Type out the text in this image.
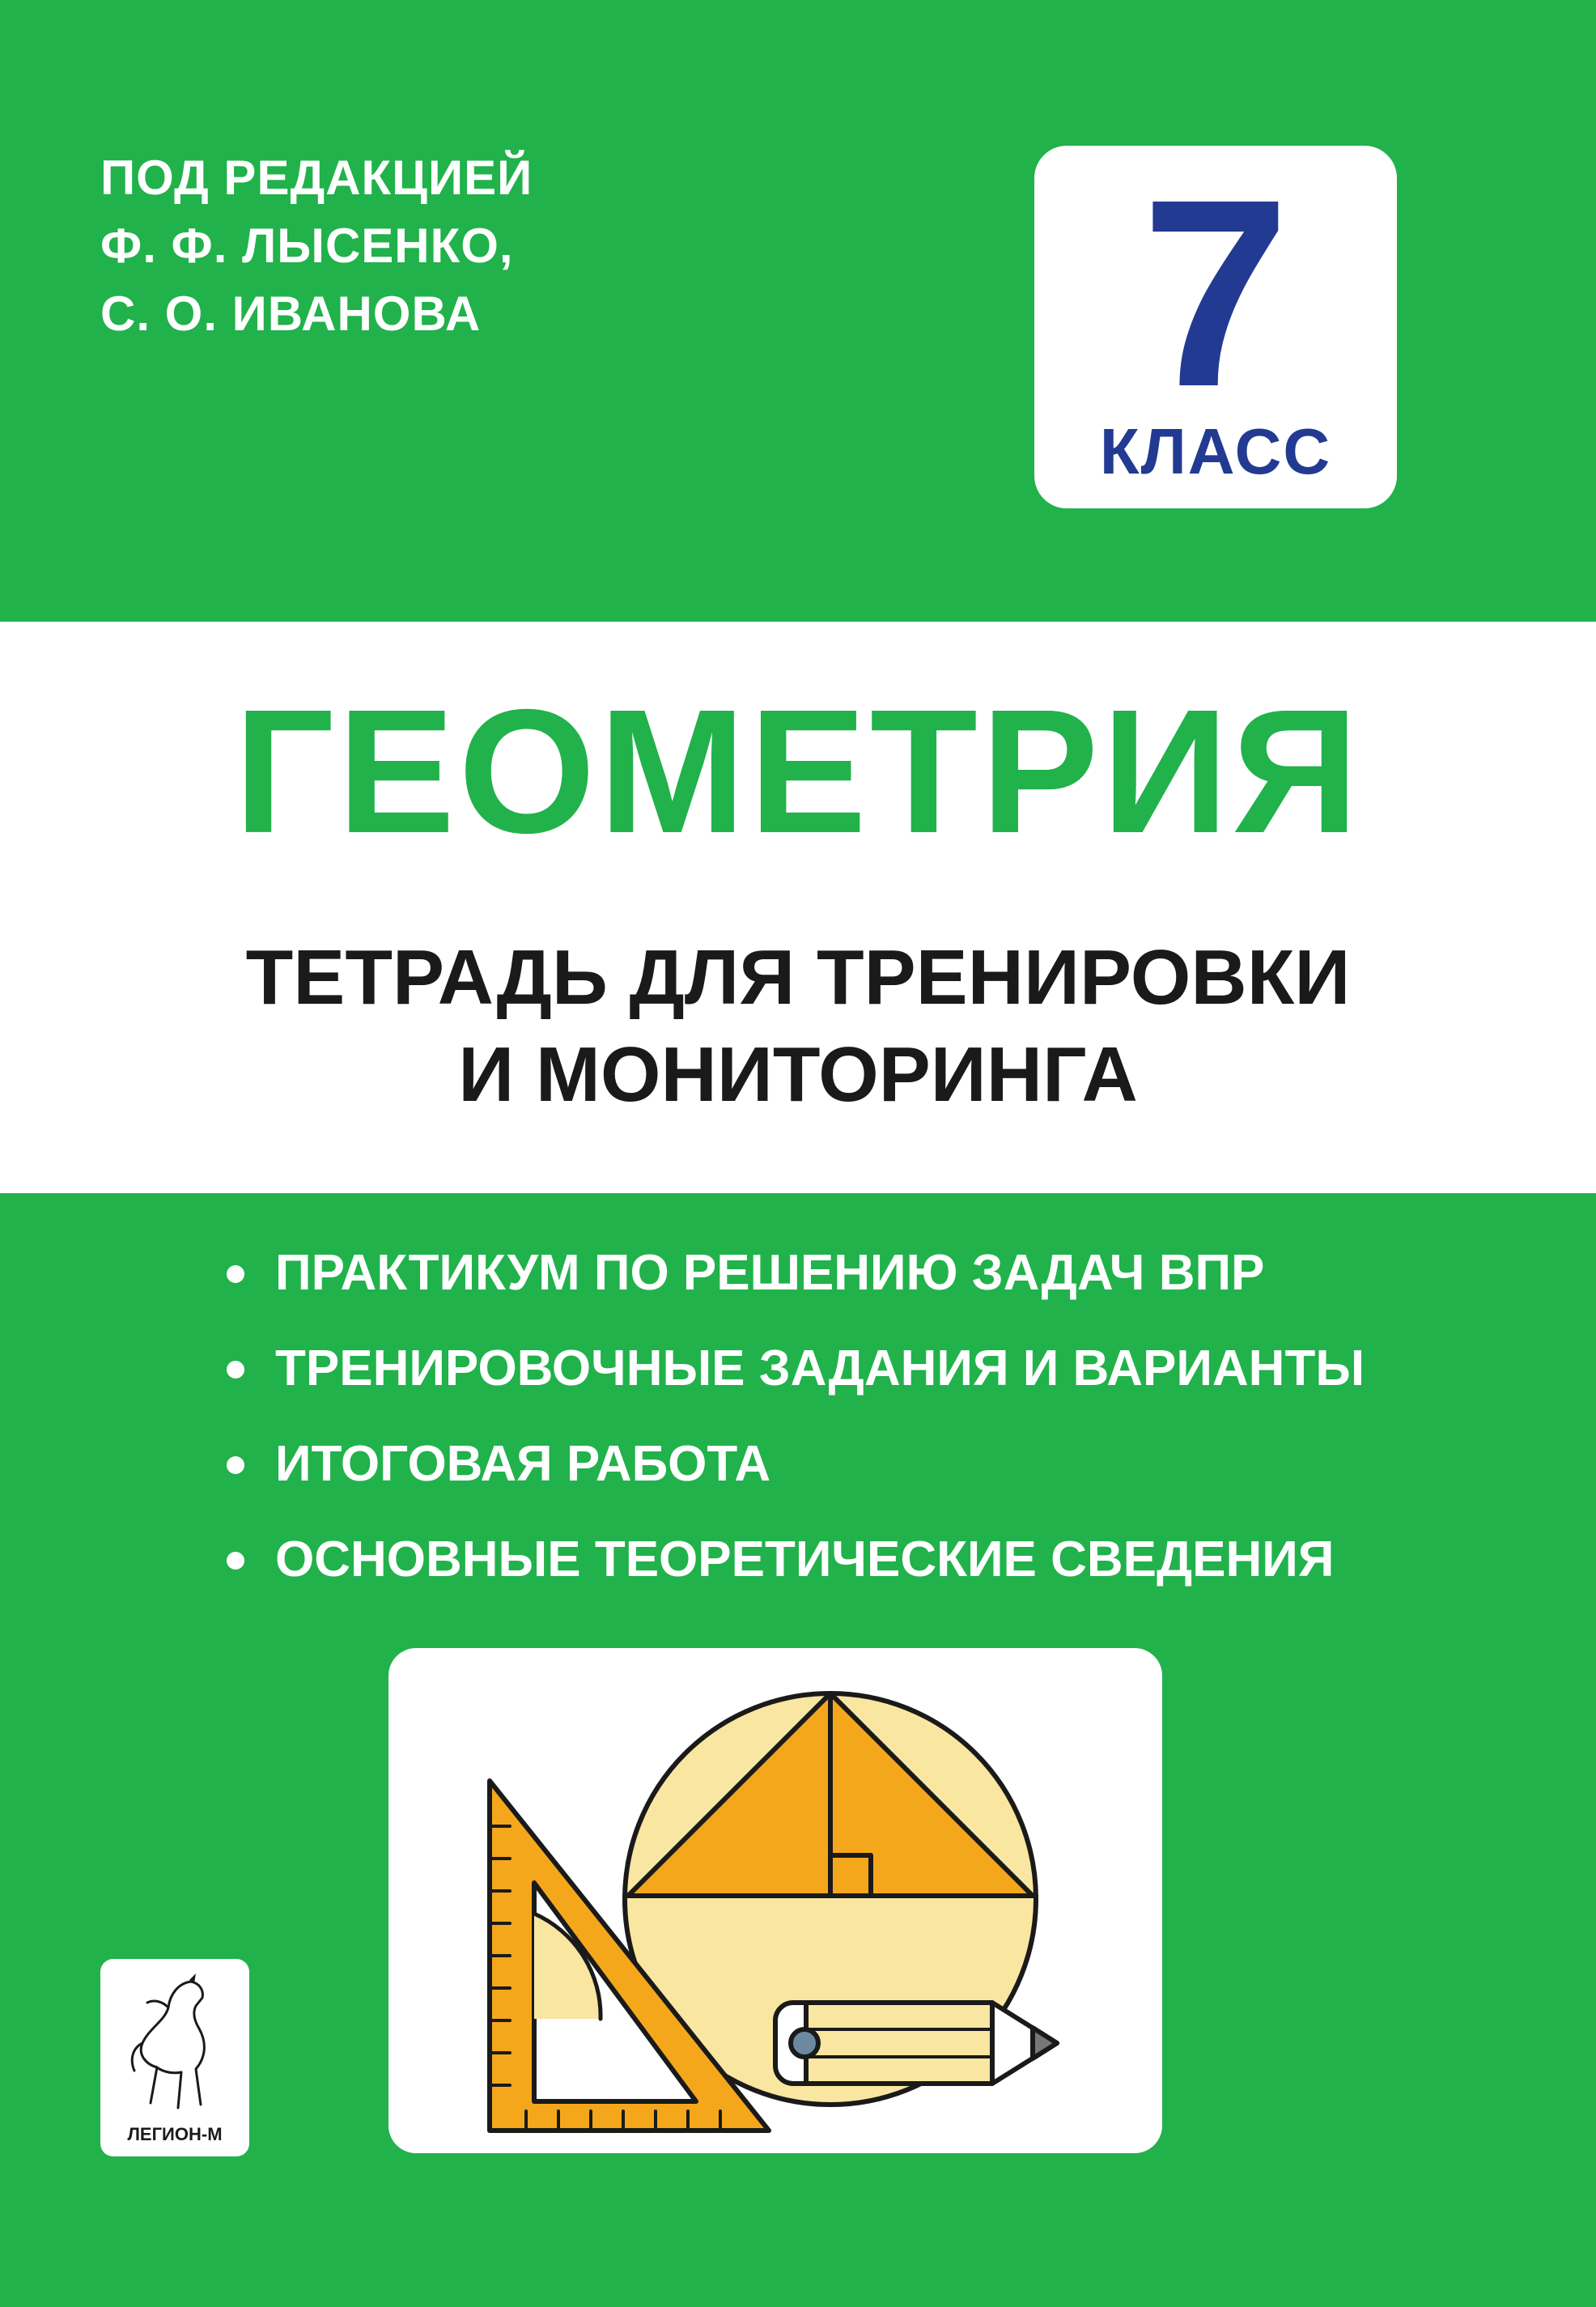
ПОД РЕДАКЦИЕЙ
Ф. Ф. ЛЫСЕНКО,
С. О. ИВАНОВА	7
КЛАСС
ГЕОМЕТРИЯ
ТЕТРАДЬ ДЛЯ ТРЕНИРОВКИ
И МОНИТОРИНГА
ПРАКТИКУМ ПО РЕШЕНИЮ ЗАДАЧ ВПР
ТРЕНИРОВОЧНЫЕ ЗАДАНИЯ И ВАРИАНТЫ
ИТОГОВАЯ РАБОТА
ОСНОВНЫЕ ТЕОРЕТИЧЕСКИЕ СВЕДЕНИЯ
ЛЕГИОН-М
TM
